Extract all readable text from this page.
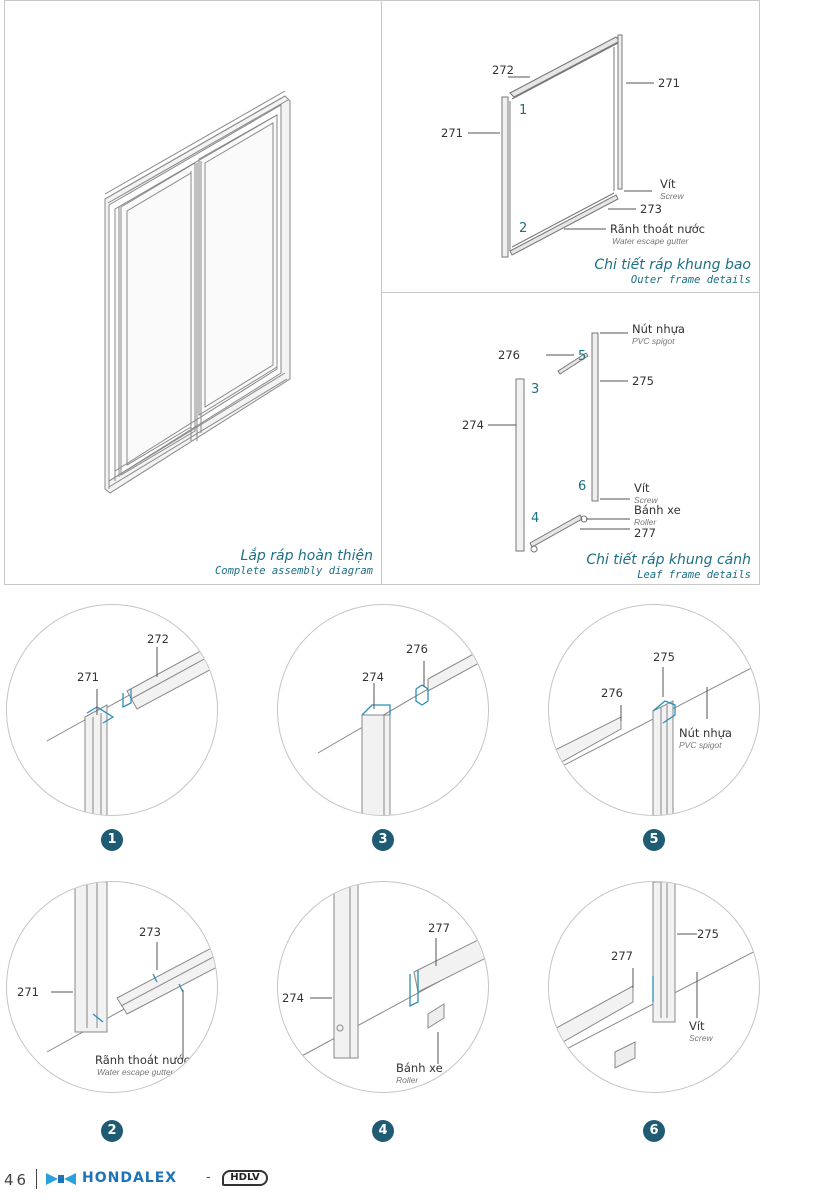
Lắp ráp hoàn thiện
Complete assembly diagram
272
271
271
1
2
Vít
Screw
273
Rãnh thoát nước
Water escape gutter
Chi tiết ráp khung bao
Outer frame details
Nút nhựa
PVC spigot
276	5
275
3
274
6	Vít
Screw
Bánh xe
Roller
4
277
Chi tiết ráp khung cánh
Leaf frame details
271
272
274
276
275
276
Nút nhựa
PVC spigot
1	3	5
271
273
Rãnh thoát nước
Water escape gutter
274
277
Bánh xe
Roller
277
275
Vít
Screw
2	4	6
46	HONDALEX -	HDLV
